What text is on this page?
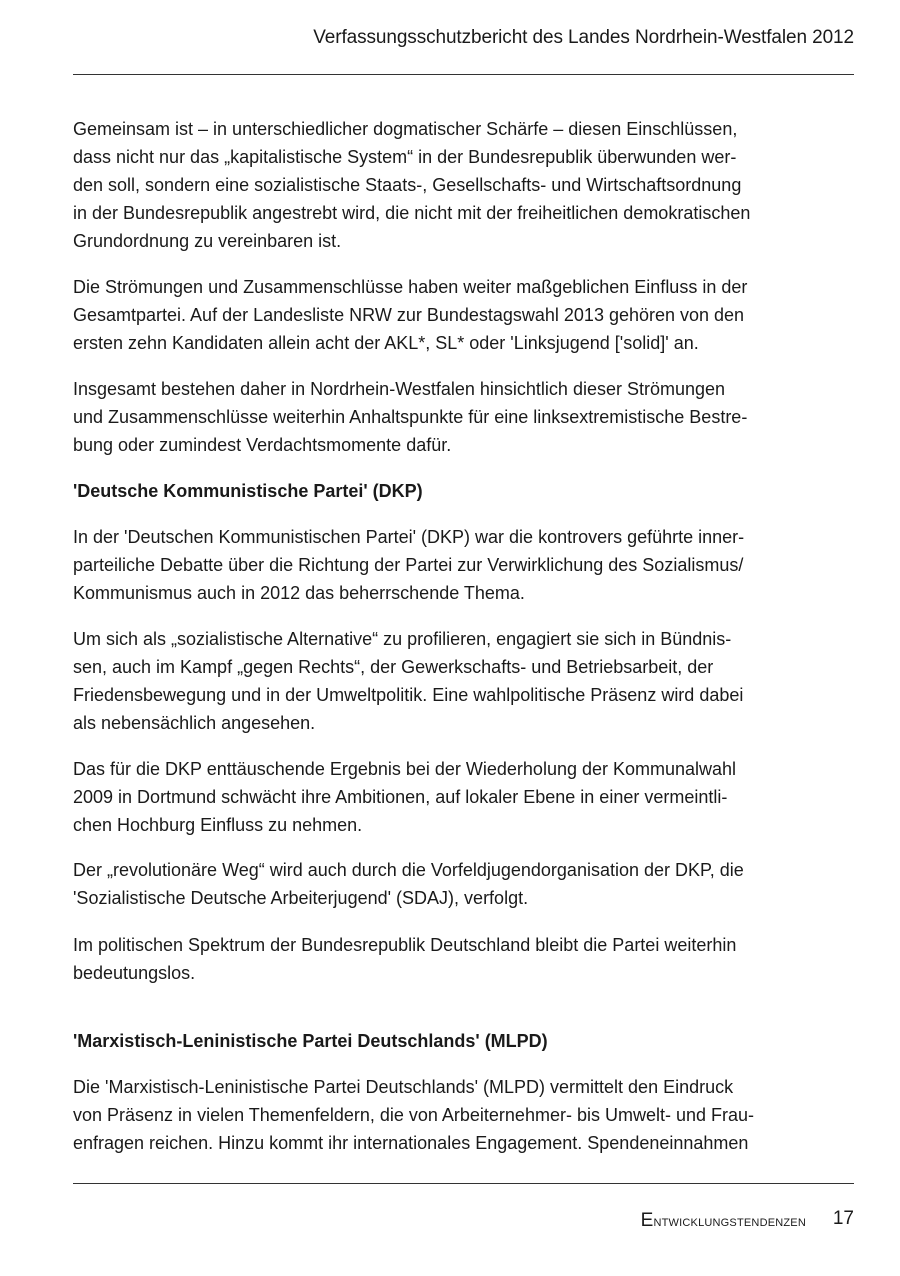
Verfassungsschutzbericht des Landes Nordrhein-Westfalen 2012

Gemeinsam ist – in unterschiedlicher dogmatischer Schärfe – diesen Einschlüssen,
dass nicht nur das „kapitalistische System“ in der Bundesrepublik überwunden wer-
den soll, sondern eine sozialistische Staats-, Gesellschafts- und Wirtschaftsordnung
in der Bundesrepublik angestrebt wird, die nicht mit der freiheitlichen demokratischen
Grundordnung zu vereinbaren ist.

Die Strömungen und Zusammenschlüsse haben weiter maßgeblichen Einfluss in der
Gesamtpartei. Auf der Landesliste NRW zur Bundestagswahl 2013 gehören von den
ersten zehn Kandidaten allein acht der AKL*, SL* oder 'Linksjugend ['solid]' an.

Insgesamt bestehen daher in Nordrhein-Westfalen hinsichtlich dieser Strömungen
und Zusammenschlüsse weiterhin Anhaltspunkte für eine linksextremistische Bestre-
bung oder zumindest Verdachtsmomente dafür.

'Deutsche Kommunistische Partei' (DKP)

In der 'Deutschen Kommunistischen Partei' (DKP) war die kontrovers geführte inner-
parteiliche Debatte über die Richtung der Partei zur Verwirklichung des Sozialismus/
Kommunismus auch in 2012 das beherrschende Thema.

Um sich als „sozialistische Alternative“ zu profilieren, engagiert sie sich in Bündnis-
sen, auch im Kampf „gegen Rechts“, der Gewerkschafts- und Betriebsarbeit, der
Friedensbewegung und in der Umweltpolitik. Eine wahlpolitische Präsenz wird dabei
als nebensächlich angesehen.

Das für die DKP enttäuschende Ergebnis bei der Wiederholung der Kommunalwahl
2009 in Dortmund schwächt ihre Ambitionen, auf lokaler Ebene in einer vermeintli-
chen Hochburg Einfluss zu nehmen.

Der „revolutionäre Weg“ wird auch durch die Vorfeldjugendorganisation der DKP, die
'Sozialistische Deutsche Arbeiterjugend' (SDAJ), verfolgt.

Im politischen Spektrum der Bundesrepublik Deutschland bleibt die Partei weiterhin
bedeutungslos.

'Marxistisch-Leninistische Partei Deutschlands' (MLPD)

Die 'Marxistisch-Leninistische Partei Deutschlands' (MLPD) vermittelt den Eindruck
von Präsenz in vielen Themenfeldern, die von Arbeiternehmer- bis Umwelt- und Frau-
enfragen reichen. Hinzu kommt ihr internationales Engagement. Spendeneinnahmen

Entwicklungstendenzen 17
